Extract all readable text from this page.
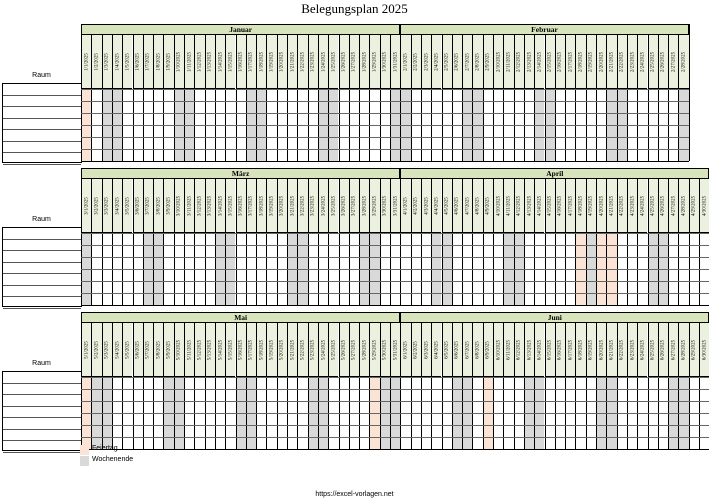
Belegungsplan 2025
Raum
Januar
1/1/2025 1/2/2025 1/3/2025 1/4/2025 1/5/2025 1/6/2025 1/7/2025 1/8/2025 1/9/2025 1/10/2025 1/11/2025 1/12/2025 1/13/2025 1/14/2025 1/15/2025 1/16/2025 1/17/2025 1/18/2025 1/19/2025 1/20/2025 1/21/2025 1/22/2025 1/23/2025 1/24/2025 1/25/2025 1/26/2025 1/27/2025 1/28/2025 1/29/2025 1/30/2025 1/31/2025
Februar
2/1/2025 2/2/2025 2/3/2025 2/4/2025 2/5/2025 2/6/2025 2/7/2025 2/8/2025 2/9/2025 2/10/2025 2/11/2025 2/12/2025 2/13/2025 2/14/2025 2/15/2025 2/16/2025 2/17/2025 2/18/2025 2/19/2025 2/20/2025 2/21/2025 2/22/2025 2/23/2025 2/24/2025 2/25/2025 2/26/2025 2/27/2025 2/28/2025
Raum
März
3/1/2025 3/2/2025 3/3/2025 3/4/2025 3/5/2025 3/6/2025 3/7/2025 3/8/2025 3/9/2025 3/10/2025 3/11/2025 3/12/2025 3/13/2025 3/14/2025 3/15/2025 3/16/2025 3/17/2025 3/18/2025 3/19/2025 3/20/2025 3/21/2025 3/22/2025 3/23/2025 3/24/2025 3/25/2025 3/26/2025 3/27/2025 3/28/2025 3/29/2025 3/30/2025 3/31/2025
April
4/1/2025 4/2/2025 4/3/2025 4/4/2025 4/5/2025 4/6/2025 4/7/2025 4/8/2025 4/9/2025 4/10/2025 4/11/2025 4/12/2025 4/13/2025 4/14/2025 4/15/2025 4/16/2025 4/17/2025 4/18/2025 4/19/2025 4/20/2025 4/21/2025 4/22/2025 4/23/2025 4/24/2025 4/25/2025 4/26/2025 4/27/2025 4/28/2025 4/29/2025 4/30/2025
Raum
Mai
5/1/2025 5/2/2025 5/3/2025 5/4/2025 5/5/2025 5/6/2025 5/7/2025 5/8/2025 5/9/2025 5/10/2025 5/11/2025 5/12/2025 5/13/2025 5/14/2025 5/15/2025 5/16/2025 5/17/2025 5/18/2025 5/19/2025 5/20/2025 5/21/2025 5/22/2025 5/23/2025 5/24/2025 5/25/2025 5/26/2025 5/27/2025 5/28/2025 5/29/2025 5/30/2025 5/31/2025
Juni
6/1/2025 6/2/2025 6/3/2025 6/4/2025 6/5/2025 6/6/2025 6/7/2025 6/8/2025 6/9/2025 6/10/2025 6/11/2025 6/12/2025 6/13/2025 6/14/2025 6/15/2025 6/16/2025 6/17/2025 6/18/2025 6/19/2025 6/20/2025 6/21/2025 6/22/2025 6/23/2025 6/24/2025 6/25/2025 6/26/2025 6/27/2025 6/28/2025 6/29/2025 6/30/2025
Feiertag
Wochenende
https://excel-vorlagen.net
